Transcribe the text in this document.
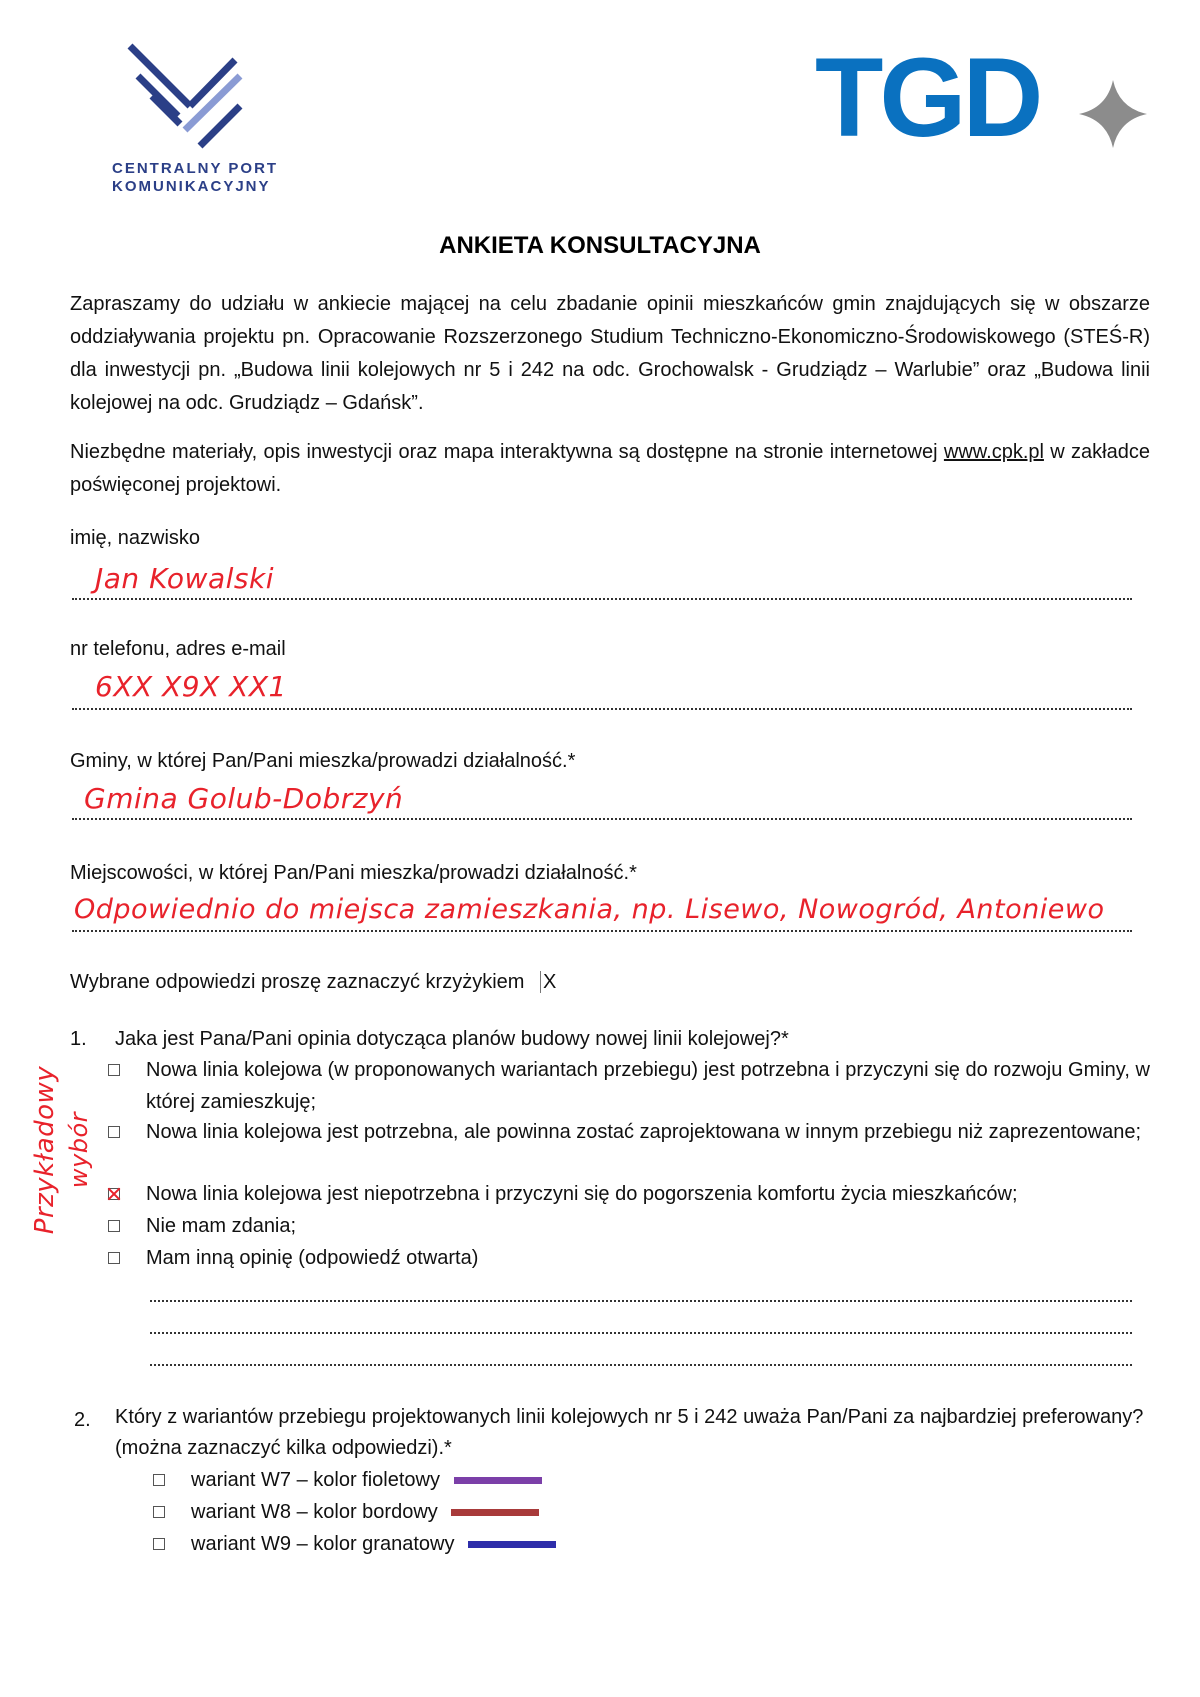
CENTRALNY PORT
KOMUNIKACYJNY
TGD
ANKIETA KONSULTACYJNA

Zapraszamy do udziału w ankiecie mającej na celu zbadanie opinii mieszkańców gmin znajdujących się w obszarze oddziaływania projektu pn. Opracowanie Rozszerzonego Studium Techniczno-Ekonomiczno-Środowiskowego (STEŚ-R) dla inwestycji pn. „Budowa linii kolejowych nr 5 i 242 na odc. Grochowalsk - Grudziądz – Warlubie” oraz „Budowa linii kolejowej na odc. Grudziądz – Gdańsk”.

Niezbędne materiały, opis inwestycji oraz mapa interaktywna są dostępne na stronie internetowej www.cpk.pl w zakładce poświęconej projektowi.

imię, nazwisko
Jan Kowalski
nr telefonu, adres e-mail
6XX X9X XX1
Gminy, w której Pan/Pani mieszka/prowadzi działalność.*
Gmina Golub-Dobrzyń
Miejscowości, w której Pan/Pani mieszka/prowadzi działalność.*
Odpowiednio do miejsca zamieszkania, np. Lisewo, Nowogród, Antoniewo
Wybrane odpowiedzi proszę zaznaczyć krzyżykiem X
Przykładowy wybór
1. Jaka jest Pana/Pani opinia dotycząca planów budowy nowej linii kolejowej?*
Nowa linia kolejowa (w proponowanych wariantach przebiegu) jest potrzebna i przyczyni się do rozwoju Gminy, w której zamieszkuję;
Nowa linia kolejowa jest potrzebna, ale powinna zostać zaprojektowana w innym przebiegu niż zaprezentowane;
Nowa linia kolejowa jest niepotrzebna i przyczyni się do pogorszenia komfortu życia mieszkańców;
Nie mam zdania;
Mam inną opinię (odpowiedź otwarta)
2. Który z wariantów przebiegu projektowanych linii kolejowych nr 5 i 242 uważa Pan/Pani za najbardziej preferowany? (można zaznaczyć kilka odpowiedzi).*
wariant W7 – kolor fioletowy
wariant W8 – kolor bordowy
wariant W9 – kolor granatowy
